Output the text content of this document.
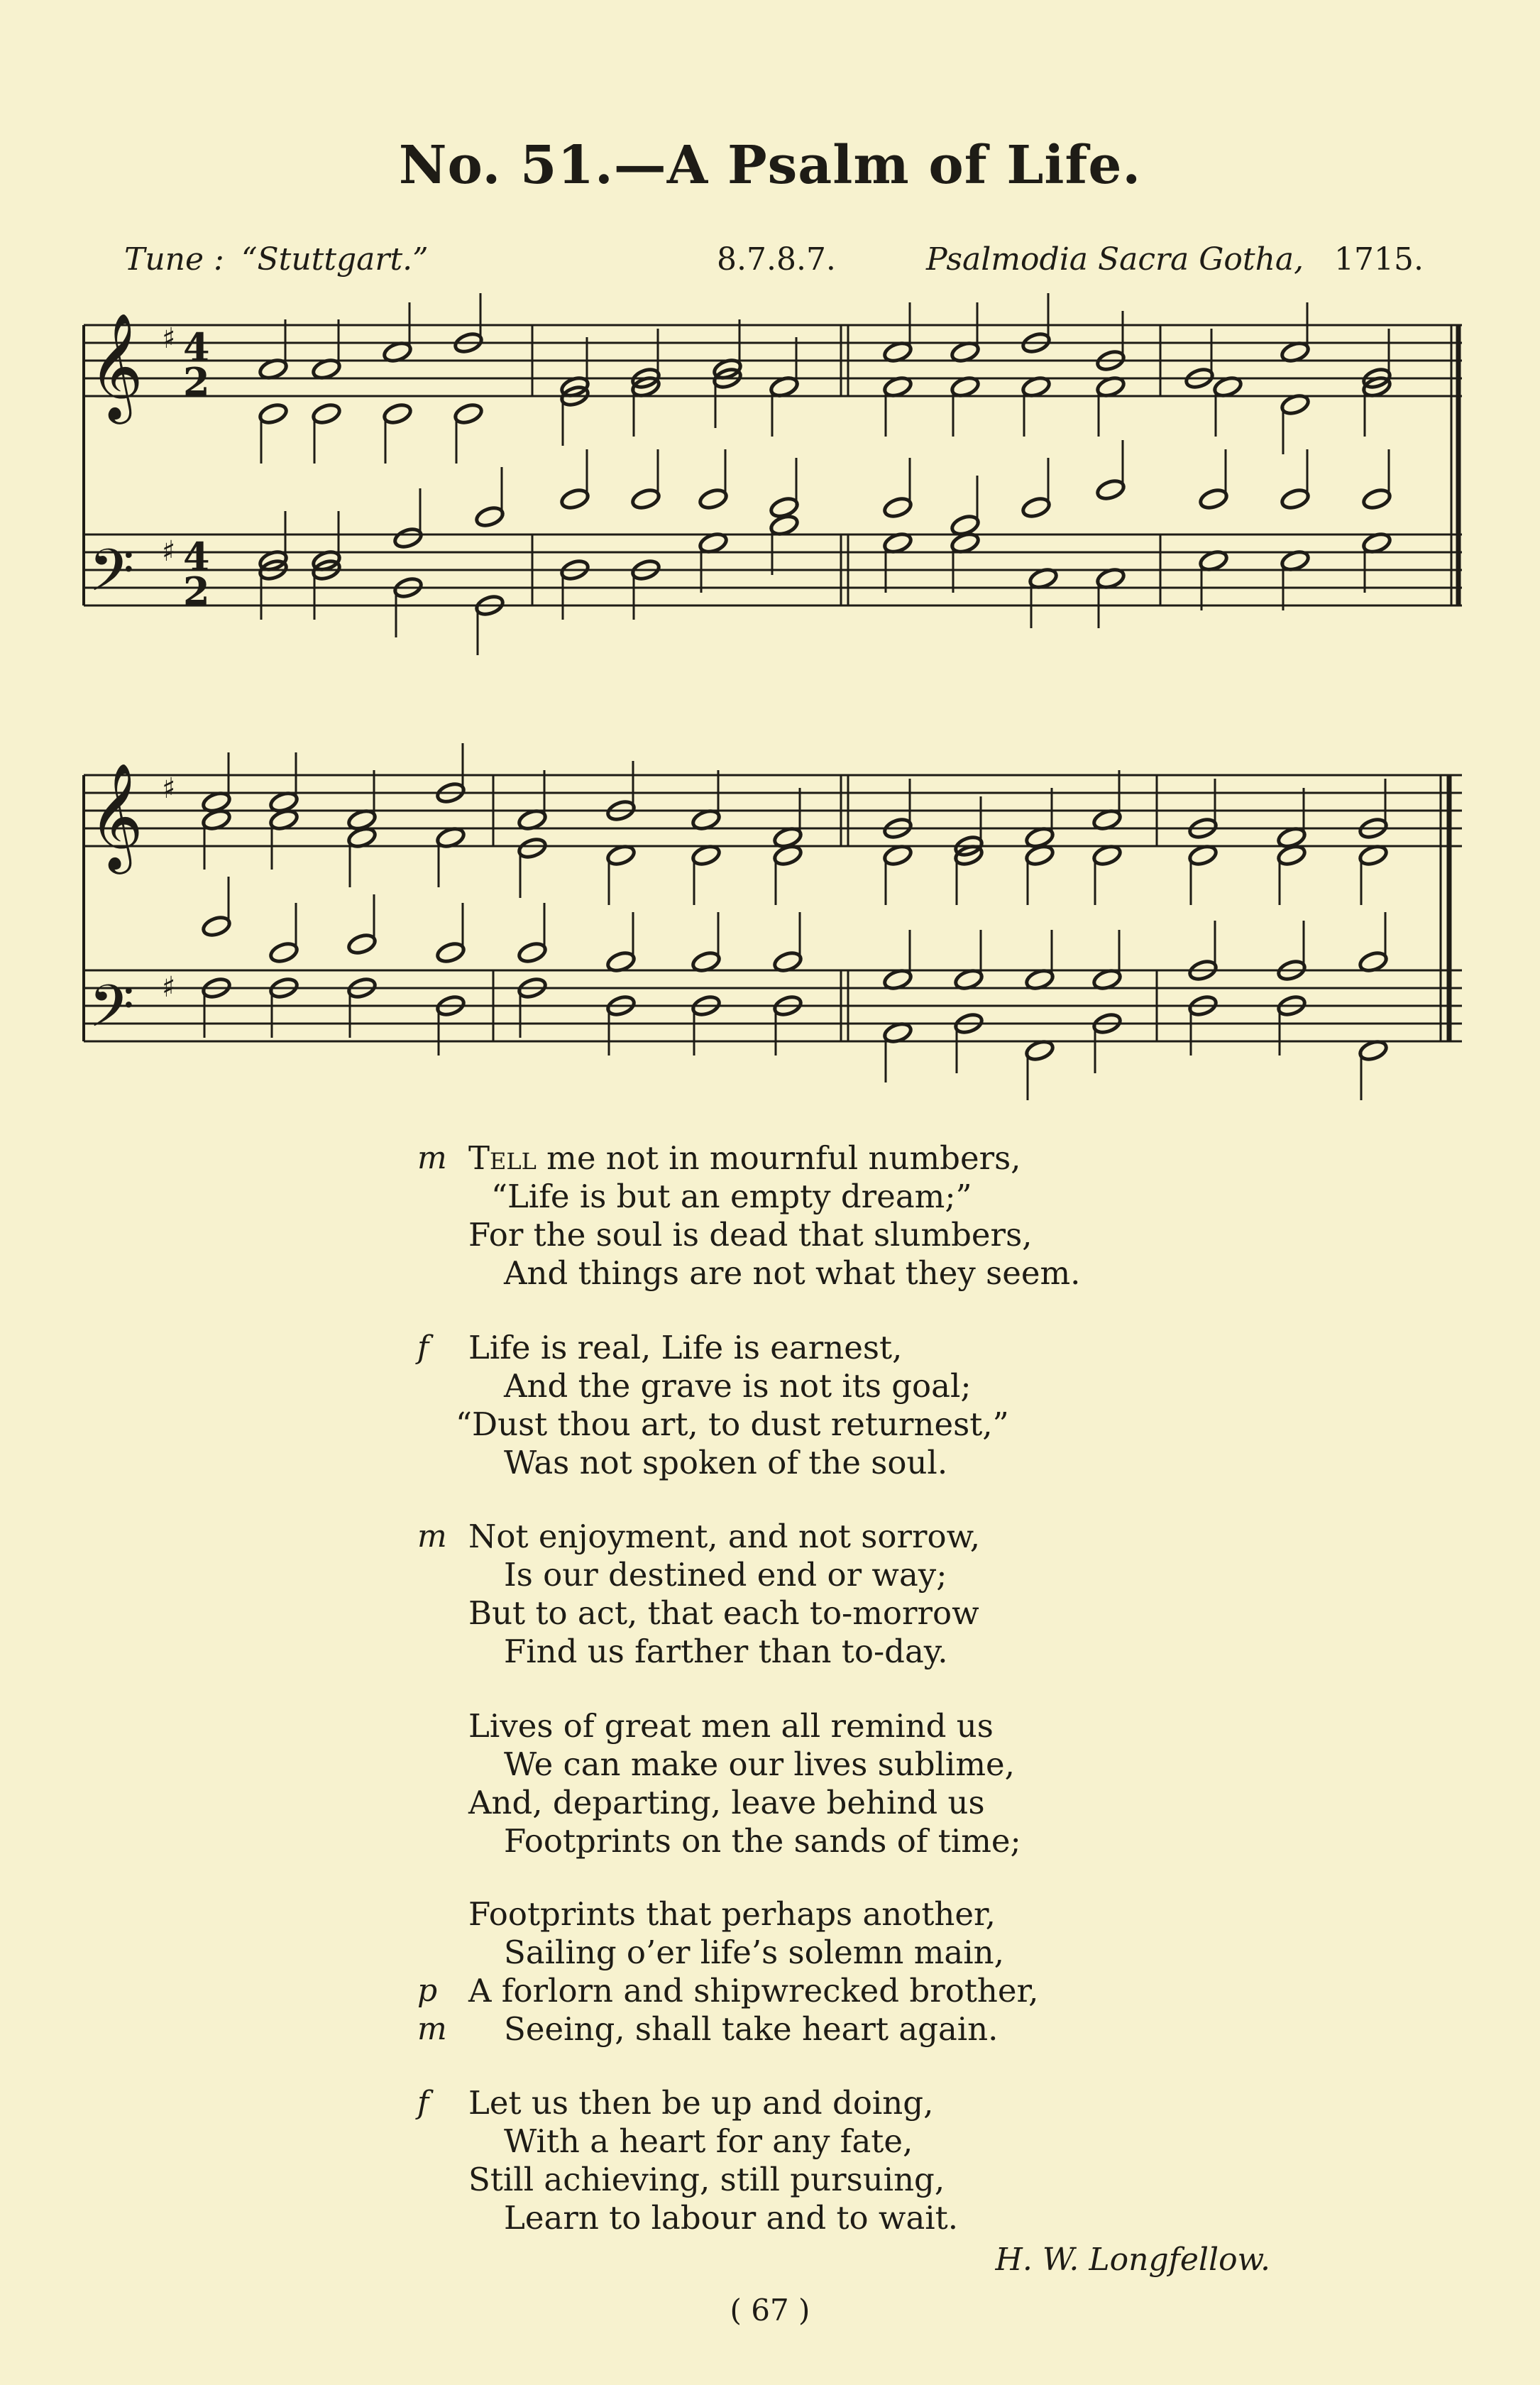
No. 51.—A Psalm of Life.
Tune : “Stuttgart.”	8.7.8.7.	Psalmodia Sacra Gotha, 1715.
𝄞
𝄢
𝄞
𝄢
♯
♯
♯
♯
4
2
4
2
m Tell me not in mournful numbers,
“Life is but an empty dream;”
For the soul is dead that slumbers,
And things are not what they seem.
f Life is real, Life is earnest,
And the grave is not its goal;
“Dust thou art, to dust returnest,”
Was not spoken of the soul.
m Not enjoyment, and not sorrow,
Is our destined end or way;
But to act, that each to-morrow
Find us farther than to-day.
Lives of great men all remind us
We can make our lives sublime,
And, departing, leave behind us
Footprints on the sands of time;
Footprints that perhaps another,
Sailing o’er life’s solemn main,
A forlorn and shipwrecked brother,
p
Seeing, shall take heart again.
m
f Let us then be up and doing,
With a heart for any fate,
Still achieving, still pursuing,
Learn to labour and to wait.
H. W. Longfellow.
( 67 )
